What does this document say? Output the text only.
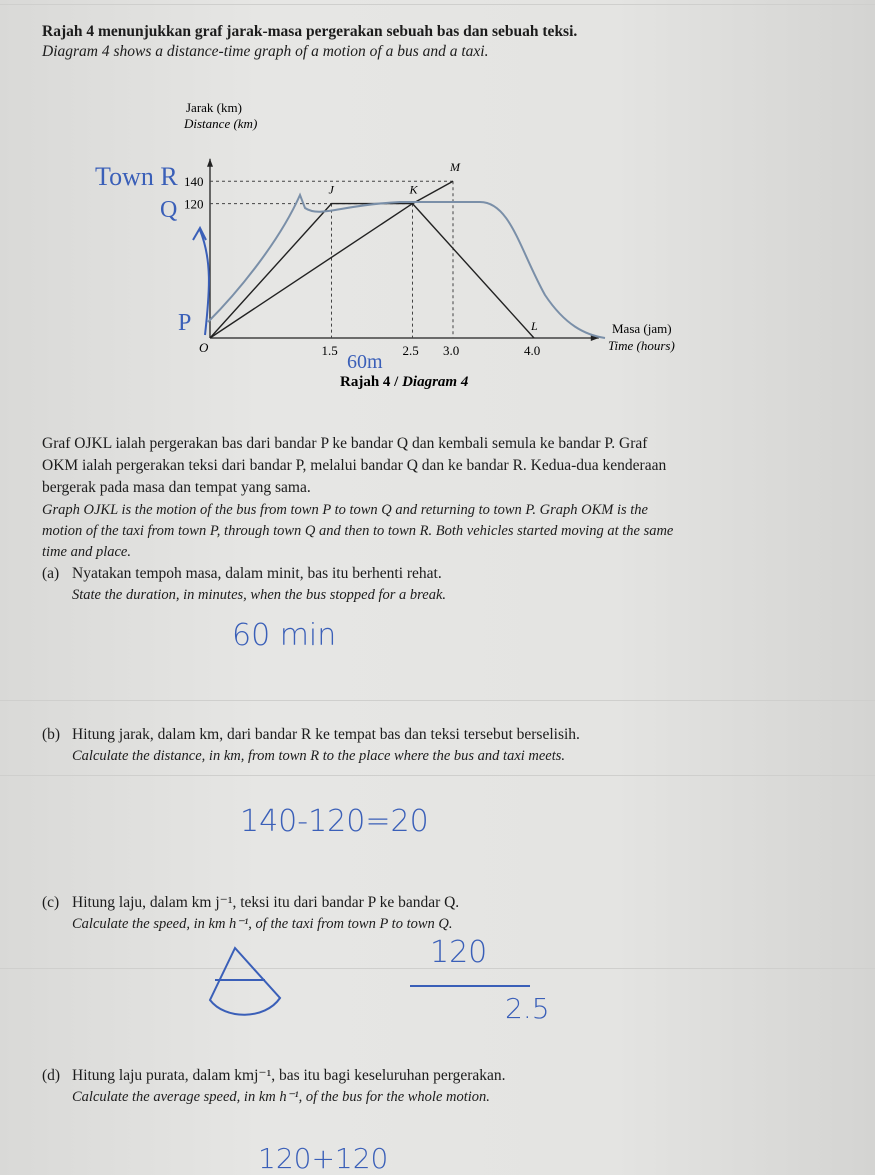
Rajah 4 menunjukkan graf jarak-masa pergerakan sebuah bas dan sebuah teksi.
Diagram 4 shows a distance-time graph of a motion of a bus and a taxi.
Jarak (km)
Distance (km)
Masa (jam)
Time (hours)
O	1.5	2.5 3.0	4.0
120
140
J	K
L
M
Rajah 4 / Diagram 4
Town R
Q
P
60m
Graf OJKL ialah pergerakan bas dari bandar P ke bandar Q dan kembali semula ke bandar P. Graf
OKM ialah pergerakan teksi dari bandar P, melalui bandar Q dan ke bandar R. Kedua-dua kenderaan
bergerak pada masa dan tempat yang sama.
Graph OJKL is the motion of the bus from town P to town Q and returning to town P. Graph OKM is the
motion of the taxi from town P, through town Q and then to town R. Both vehicles started moving at the same
time and place.
(a) Nyatakan tempoh masa, dalam minit, bas itu berhenti rehat.
State the duration, in minutes, when the bus stopped for a break.
60 min
(b) Hitung jarak, dalam km, dari bandar R ke tempat bas dan teksi tersebut berselisih.
Calculate the distance, in km, from town R to the place where the bus and taxi meets.
140-120=20
(c) Hitung laju, dalam km j⁻¹, teksi itu dari bandar P ke bandar Q.
Calculate the speed, in km h⁻¹, of the taxi from town P to town Q.
120
2.5
(d) Hitung laju purata, dalam kmj⁻¹, bas itu bagi keseluruhan pergerakan.
Calculate the average speed, in km h⁻¹, of the bus for the whole motion.
120+120
